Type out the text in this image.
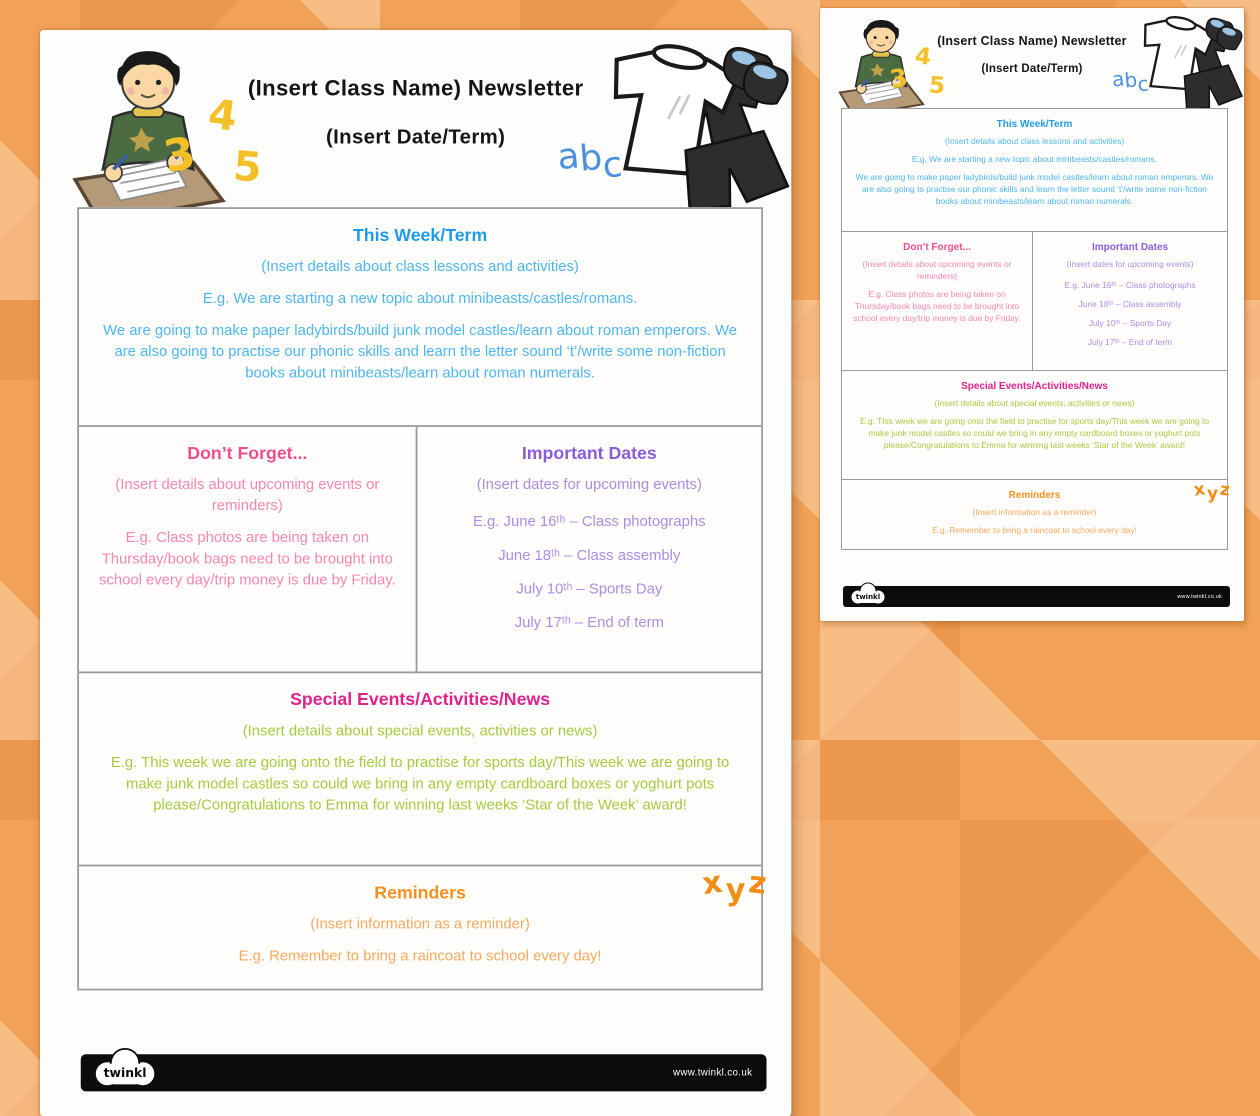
3
4
5
(Insert Class Name) Newsletter
(Insert Date/Term)	abc
This Week/Term
(Insert details about class lessons and activities)
E.g. We are starting a new topic about minibeasts/castles/romans.
We are going to make paper ladybirds/build junk model castles/learn about roman emperors. We are also going to practise our phonic skills and learn the letter sound ‘t’/write some non-fiction books about minibeasts/learn about roman numerals.
Don’t Forget...
(Insert details about upcoming events or reminders)
E.g. Class photos are being taken on Thursday/book bags need to be brought into school every day/trip money is due by Friday.
Important Dates
(Insert dates for upcoming events)
E.g. June 16ᵗʰ – Class photographs
June 18ᵗʰ – Class assembly
July 10ᵗʰ – Sports Day
July 17ᵗʰ – End of term
Special Events/Activities/News
(Insert details about special events, activities or news)
E.g. This week we are going onto the field to practise for sports day/This week we are going to make junk model castles so could we bring in any empty cardboard boxes or yoghurt pots please/Congratulations to Emma for winning last weeks ‘Star of the Week’ award!
Reminders
(Insert information as a reminder)
E.g. Remember to bring a raincoat to school every day!
xy z
twinkl	www.twinkl.co.uk
3
4
5
(Insert Class Name) Newsletter
(Insert Date/Term)	abc
This Week/Term
(Insert details about class lessons and activities)
E.g. We are starting a new topic about minibeasts/castles/romans.
We are going to make paper ladybirds/build junk model castles/learn about roman emperors. We are also going to practise our phonic skills and learn the letter sound ‘t’/write some non-fiction books about minibeasts/learn about roman numerals.
Don’t Forget...
(Insert details about upcoming events or reminders)
E.g. Class photos are being taken on Thursday/book bags need to be brought into school every day/trip money is due by Friday.
Important Dates
(Insert dates for upcoming events)
E.g. June 16ᵗʰ – Class photographs
June 18ᵗʰ – Class assembly
July 10ᵗʰ – Sports Day
July 17ᵗʰ – End of term
Special Events/Activities/News
(Insert details about special events, activities or news)
E.g. This week we are going onto the field to practise for sports day/This week we are going to make junk model castles so could we bring in any empty cardboard boxes or yoghurt pots please/Congratulations to Emma for winning last weeks ‘Star of the Week’ award!
Reminders
(Insert information as a reminder)
E.g. Remember to bring a raincoat to school every day!
xyz
twinkl	www.twinkl.co.uk
